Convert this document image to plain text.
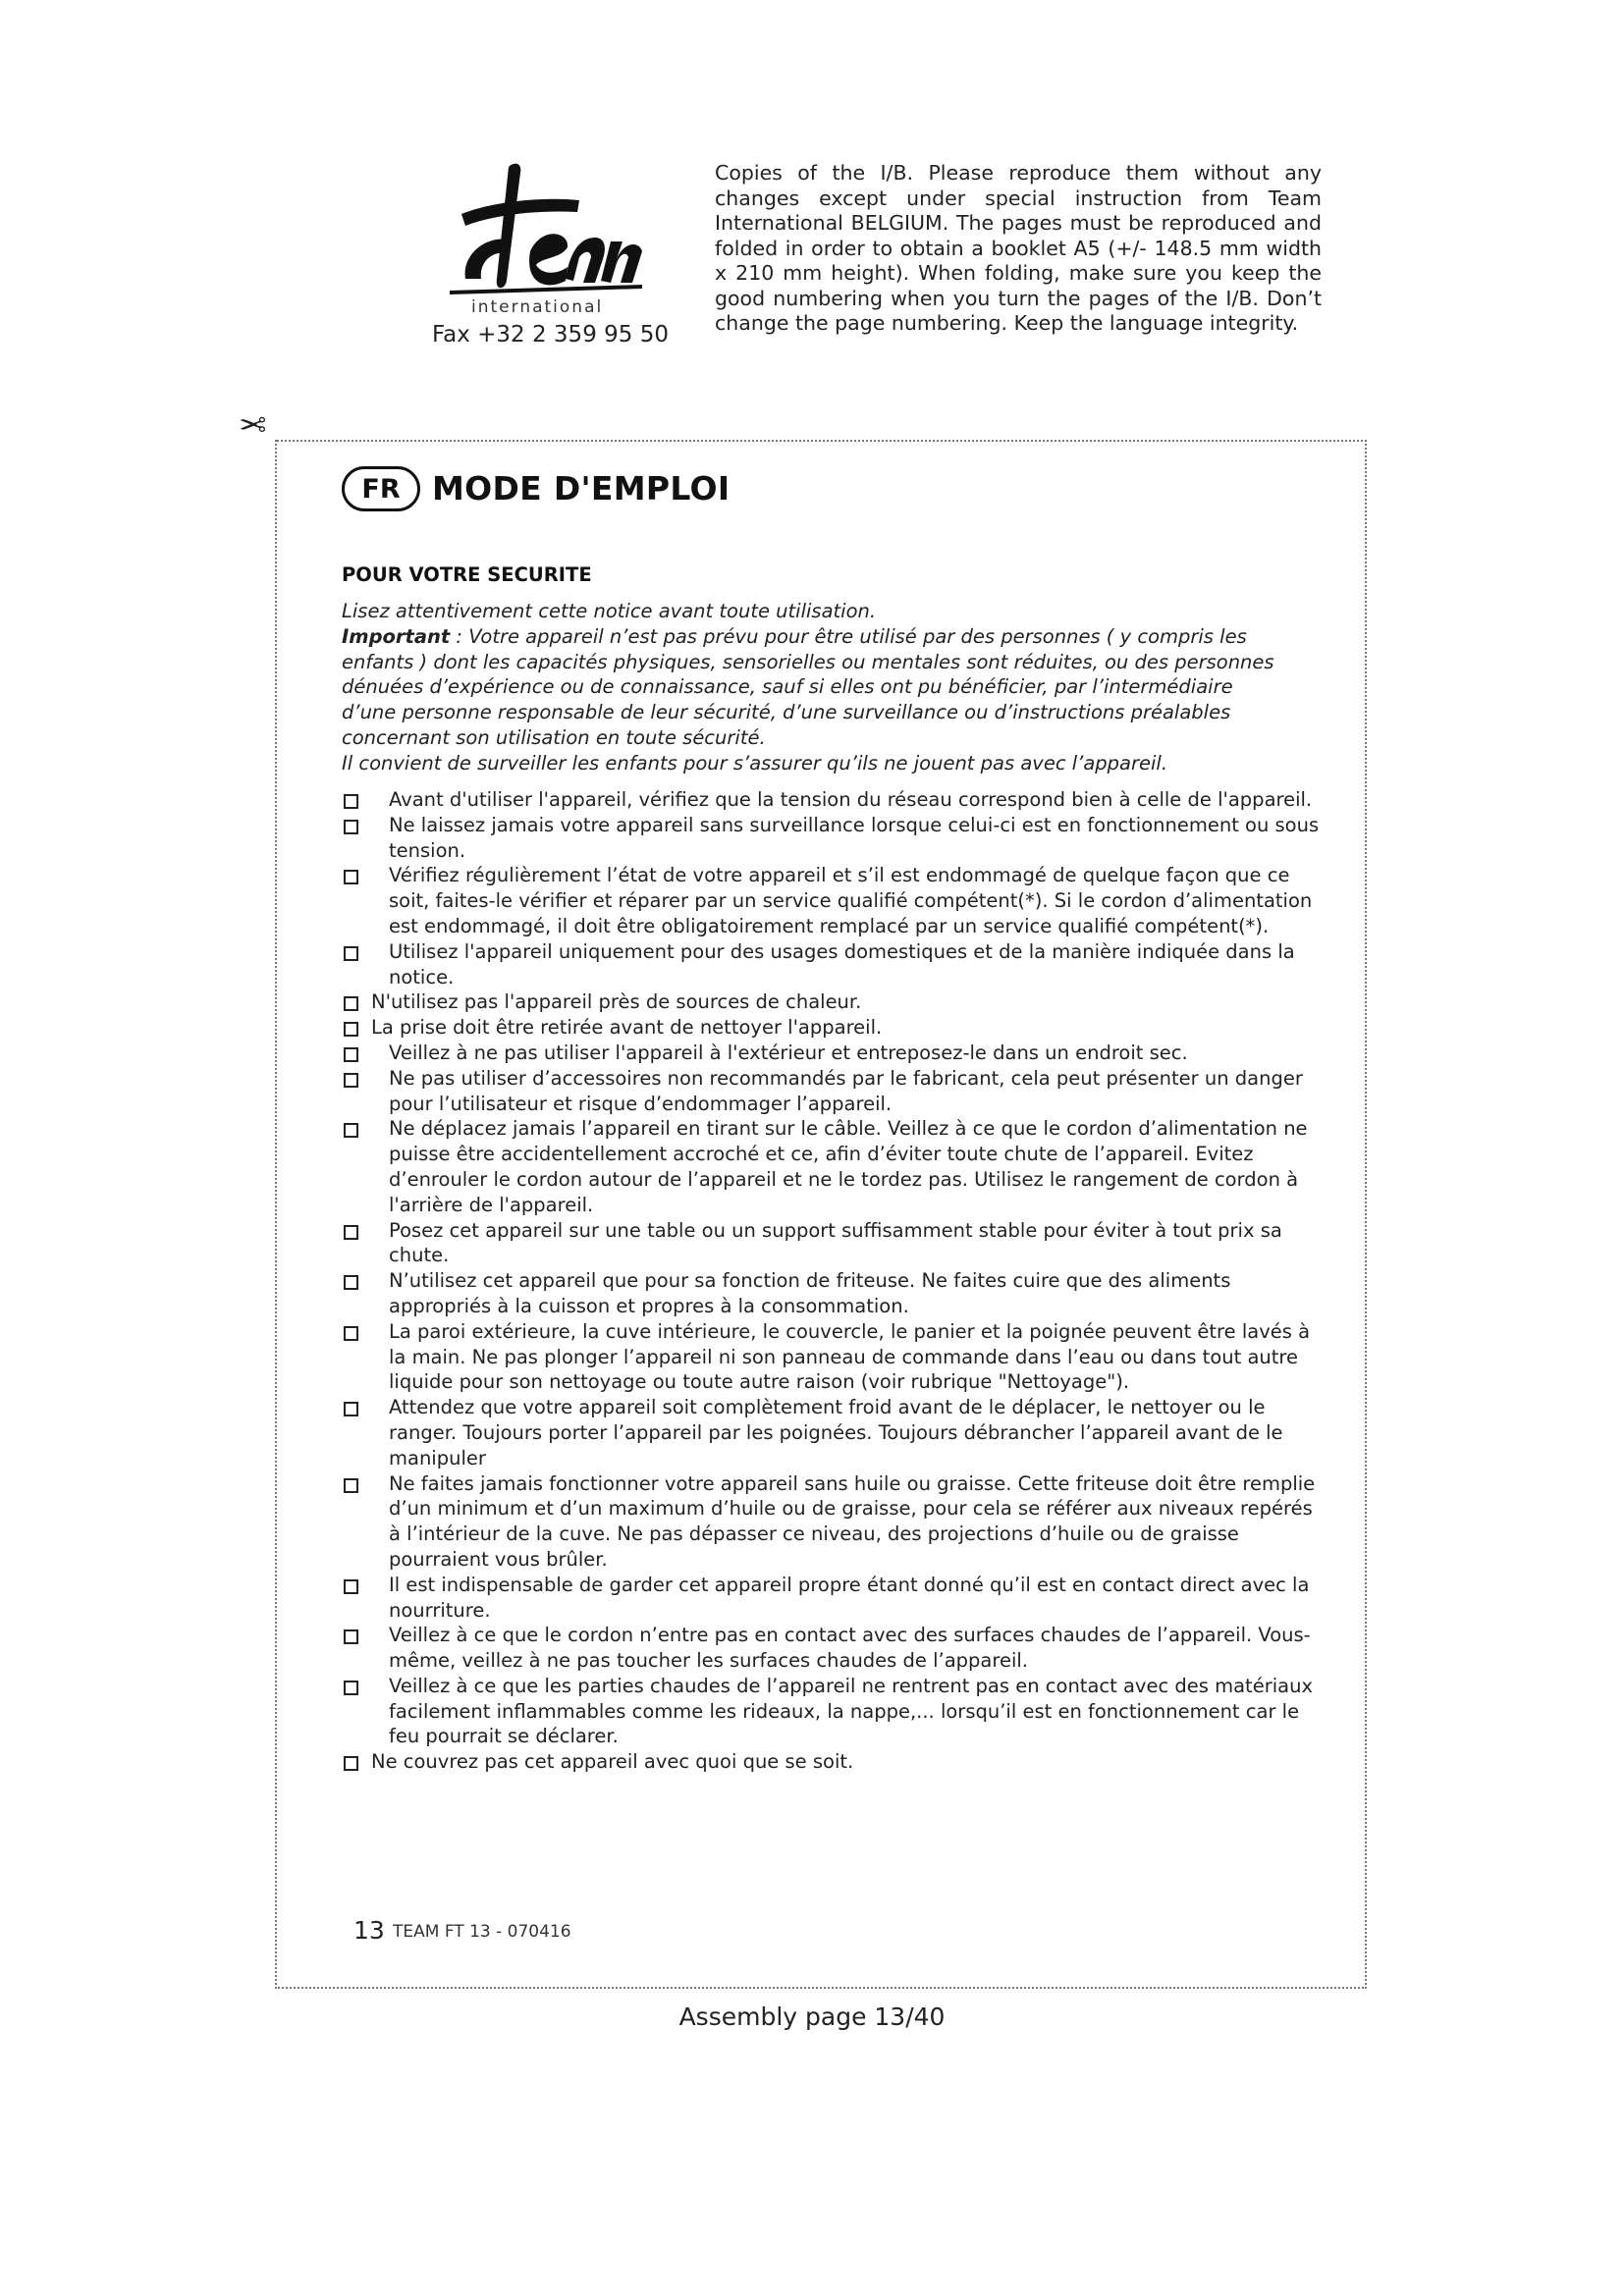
international
Fax +32 2 359 95 50
Copies of the I/B. Please reproduce them without any changes except under special instruction from Team International BELGIUM. The pages must be reproduced and folded in order to obtain a booklet A5 (+/- 148.5 mm width x 210 mm height). When folding, make sure you keep the good numbering when you turn the pages of the I/B. Don’t change the page numbering. Keep the language integrity.
✂
FR MODE D'EMPLOI
POUR VOTRE SECURITE

Lisez attentivement cette notice avant toute utilisation.

Important : Votre appareil n’est pas prévu pour être utilisé par des personnes ( y compris les enfants ) dont les capacités physiques, sensorielles ou mentales sont réduites, ou des personnes dénuées d’expérience ou de connaissance, sauf si elles ont pu bénéficier, par l’intermédiaire d’une personne responsable de leur sécurité, d’une surveillance ou d’instructions préalables concernant son utilisation en toute sécurité.

Il convient de surveiller les enfants pour s’assurer qu’ils ne jouent pas avec l’appareil.

Avant d'utiliser l'appareil, vérifiez que la tension du réseau correspond bien à celle de l'appareil.
Ne laissez jamais votre appareil sans surveillance lorsque celui-ci est en fonctionnement ou sous tension.
Vérifiez régulièrement l’état de votre appareil et s’il est endommagé de quelque façon que ce soit, faites-le vérifier et réparer par un service qualifié compétent(*). Si le cordon d’alimentation est endommagé, il doit être obligatoirement remplacé par un service qualifié compétent(*).
Utilisez l'appareil uniquement pour des usages domestiques et de la manière indiquée dans la notice.
N'utilisez pas l'appareil près de sources de chaleur.
La prise doit être retirée avant de nettoyer l'appareil.
Veillez à ne pas utiliser l'appareil à l'extérieur et entreposez-le dans un endroit sec.
Ne pas utiliser d’accessoires non recommandés par le fabricant, cela peut présenter un danger pour l’utilisateur et risque d’endommager l’appareil.
Ne déplacez jamais l’appareil en tirant sur le câble. Veillez à ce que le cordon d’alimentation ne puisse être accidentellement accroché et ce, afin d’éviter toute chute de l’appareil. Evitez d’enrouler le cordon autour de l’appareil et ne le tordez pas. Utilisez le rangement de cordon à l'arrière de l'appareil.
Posez cet appareil sur une table ou un support suffisamment stable pour éviter à tout prix sa chute.
N’utilisez cet appareil que pour sa fonction de friteuse. Ne faites cuire que des aliments appropriés à la cuisson et propres à la consommation.
La paroi extérieure, la cuve intérieure, le couvercle, le panier et la poignée peuvent être lavés à la main. Ne pas plonger l’appareil ni son panneau de commande dans l’eau ou dans tout autre liquide pour son nettoyage ou toute autre raison (voir rubrique "Nettoyage").
Attendez que votre appareil soit complètement froid avant de le déplacer, le nettoyer ou le ranger. Toujours porter l’appareil par les poignées. Toujours débrancher l’appareil avant de le manipuler
Ne faites jamais fonctionner votre appareil sans huile ou graisse. Cette friteuse doit être remplie d’un minimum et d’un maximum d’huile ou de graisse, pour cela se référer aux niveaux repérés à l’intérieur de la cuve. Ne pas dépasser ce niveau, des projections d’huile ou de graisse pourraient vous brûler.
Il est indispensable de garder cet appareil propre étant donné qu’il est en contact direct avec la nourriture.
Veillez à ce que le cordon n’entre pas en contact avec des surfaces chaudes de l’appareil. Vous-même, veillez à ne pas toucher les surfaces chaudes de l’appareil.
Veillez à ce que les parties chaudes de l’appareil ne rentrent pas en contact avec des matériaux facilement inflammables comme les rideaux, la nappe,... lorsqu’il est en fonctionnement car le feu pourrait se déclarer.
Ne couvrez pas cet appareil avec quoi que se soit.
13 TEAM FT 13 - 070416
Assembly page 13/40
